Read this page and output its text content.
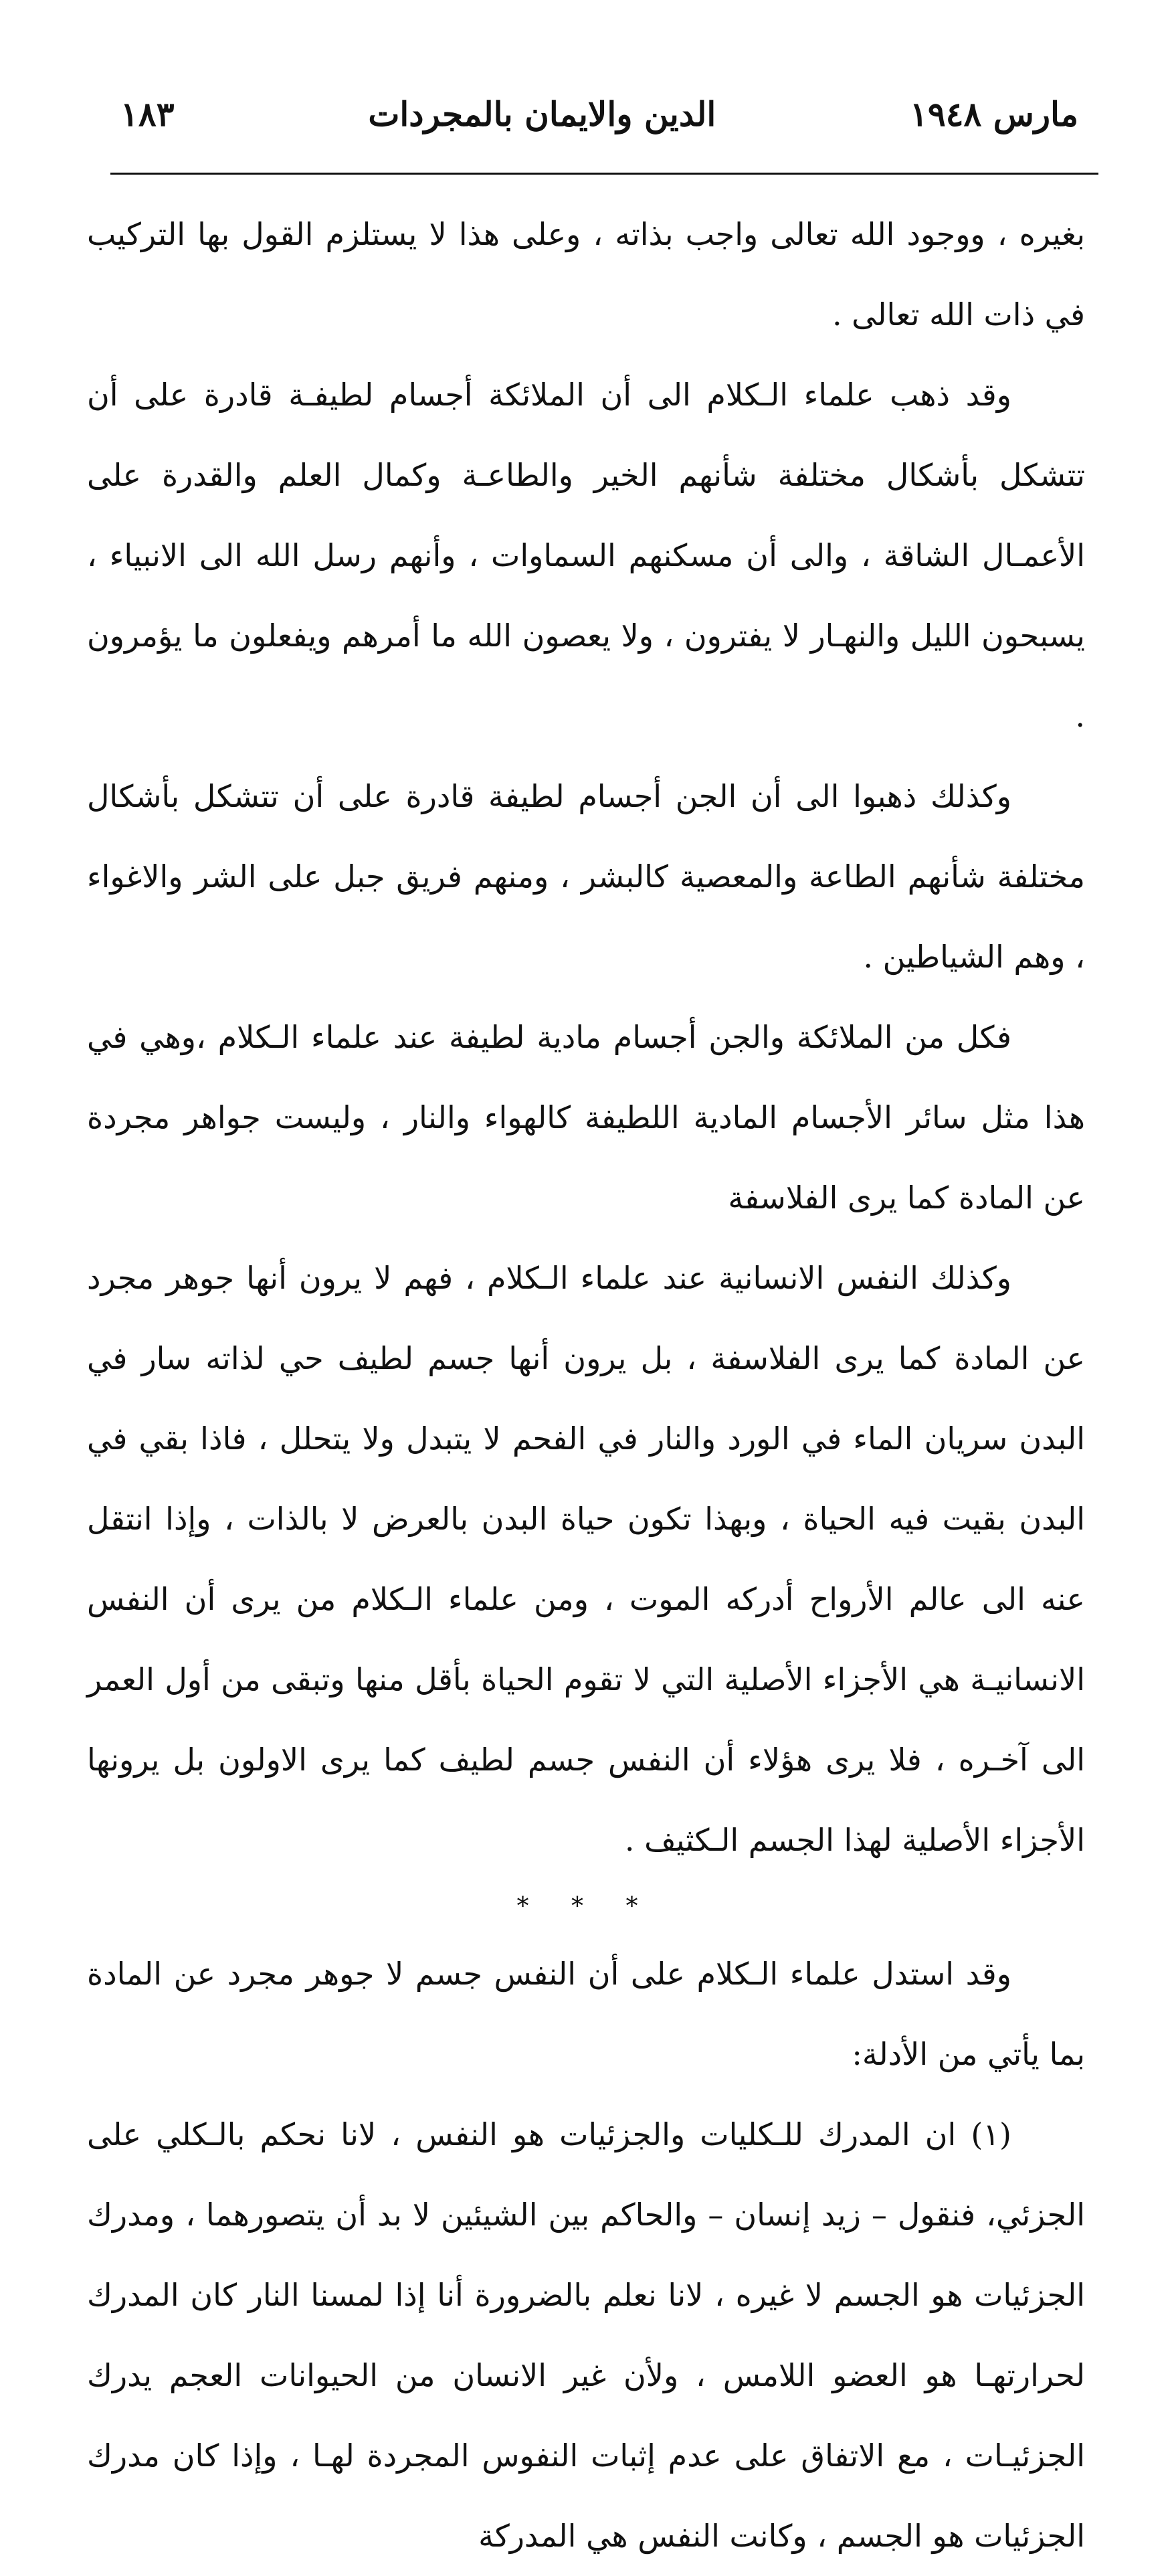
مارس ١٩٤٨
الدين والايمان بالمجردات
١٨٣

بغيره ، ووجود الله تعالى واجب بذاته ، وعلى هذا لا يستلزم القول بها التركيب في ذات الله تعالى .

وقد ذهب علماء الـكلام الى أن الملائكة أجسام لطيفـة قادرة على أن تتشكل بأشكال مختلفة شأنهم الخير والطاعـة وكمال العلم والقدرة على الأعمـال الشاقة ، والى أن مسكنهم السماوات ، وأنهم رسل الله الى الانبياء ، يسبحون الليل والنهـار لا يفترون ، ولا يعصون الله ما أمرهم ويفعلون ما يؤمرون .

وكذلك ذهبوا الى أن الجن أجسام لطيفة قادرة على أن تتشكل بأشكال مختلفة شأنهم الطاعة والمعصية كالبشر ، ومنهم فريق جبل على الشر والاغواء ، وهم الشياطين .

فكل من الملائكة والجن أجسام مادية لطيفة عند علماء الـكلام ،وهي في هذا مثل سائر الأجسام المادية اللطيفة كالهواء والنار ، وليست جواهر مجردة عن المادة كما يرى الفلاسفة

وكذلك النفس الانسانية عند علماء الـكلام ، فهم لا يرون أنها جوهر مجرد عن المادة كما يرى الفلاسفة ، بل يرون أنها جسم لطيف حي لذاته سار في البدن سريان الماء في الورد والنار في الفحم لا يتبدل ولا يتحلل ، فاذا بقي في البدن بقيت فيه الحياة ، وبهذا تكون حياة البدن بالعرض لا بالذات ، وإذا انتقل عنه الى عالم الأرواح أدركه الموت ، ومن علماء الـكلام من يرى أن النفس الانسانيـة هي الأجزاء الأصلية التي لا تقوم الحياة بأقل منها وتبقى من أول العمر الى آخـره ، فلا يرى هؤلاء أن النفس جسم لطيف كما يرى الاولون بل يرونها الأجزاء الأصلية لهذا الجسم الـكثيف .

* * *

وقد استدل علماء الـكلام على أن النفس جسم لا جوهر مجرد عن المادة بما يأتي من الأدلة:

(١) ان المدرك للـكليات والجزئيات هو النفس ، لانا نحكم بالـكلي على الجزئي، فنقول – زيد إنسان – والحاكم بين الشيئين لا بد أن يتصورهما ، ومدرك الجزئيات هو الجسم لا غيره ، لانا نعلم بالضرورة أنا إذا لمسنا النار كان المدرك لحرارتهـا هو العضو اللامس ، ولأن غير الانسان من الحيوانات العجم يدرك الجزئيـات ، مع الاتفاق على عدم إثبات النفوس المجردة لهـا ، وإذا كان مدرك الجزئيات هو الجسم ، وكانت النفس هي المدركة
